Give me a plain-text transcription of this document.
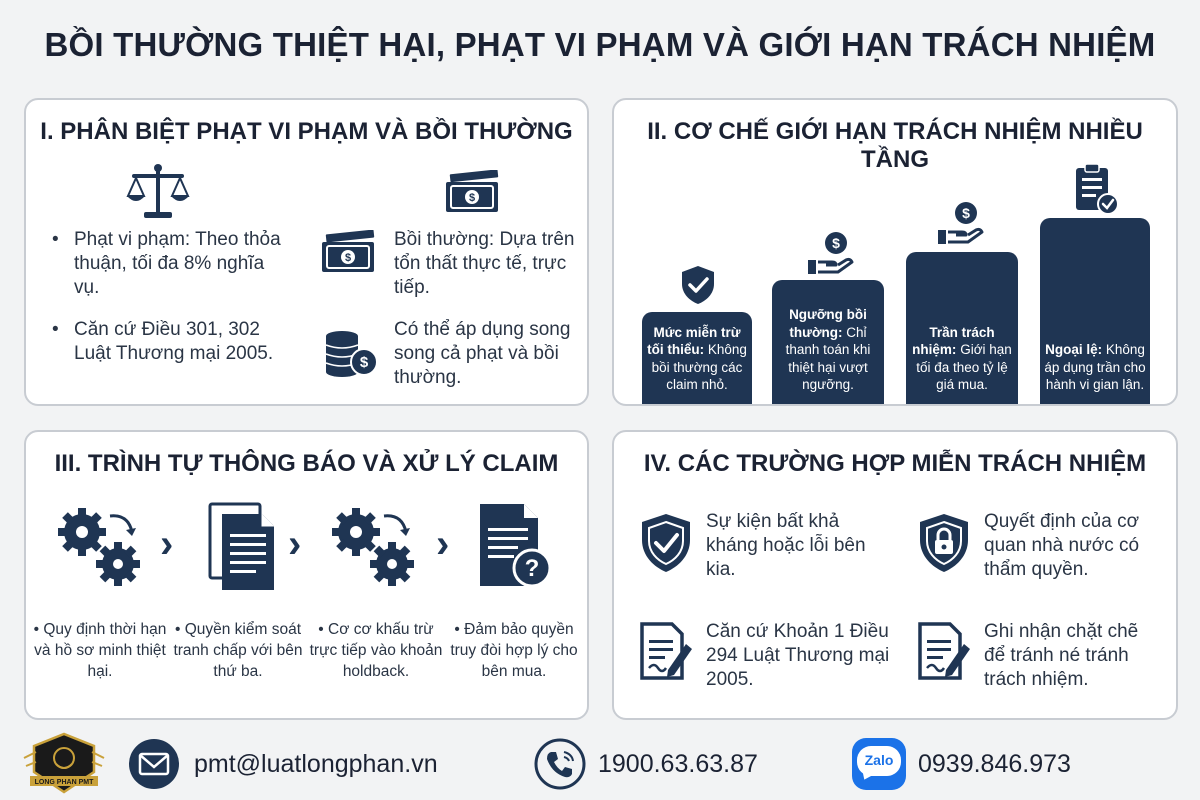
BỒI THƯỜNG THIỆT HẠI, PHẠT VI PHẠM VÀ GIỚI HẠN TRÁCH NHIỆM
I. PHÂN BIỆT PHẠT VI PHẠM VÀ BỒI THƯỜNG
• Phạt vi phạm: Theo thỏa thuận, tối đa 8% nghĩa vụ.
• Căn cứ Điều 301, 302 Luật Thương mại 2005.
$
$
$
Bồi thường: Dựa trên tổn thất thực tế, trực tiếp.
Có thể áp dụng song song cả phạt và bồi thường.
II. CƠ CHẾ GIỚI HẠN TRÁCH NHIỆM NHIỀU TẦNG
Mức miễn trừ tối thiểu: Không bồi thường các claim nhỏ.
$
Ngưỡng bồi thường: Chỉ thanh toán khi thiệt hại vượt ngưỡng.
$
Trần trách nhiệm: Giới hạn tối đa theo tỷ lệ giá mua.
Ngoại lệ: Không áp dụng trần cho hành vi gian lận.
III. TRÌNH TỰ THÔNG BÁO VÀ XỬ LÝ CLAIM
›	›	›
?
• Quy định thời hạn và hồ sơ minh thiệt hại.
• Quyền kiểm soát tranh chấp với bên thứ ba.
• Cơ cơ khấu trừ trực tiếp vào khoản holdback.
• Đảm bảo quyền truy đòi hợp lý cho bên mua.
IV. CÁC TRƯỜNG HỢP MIỄN TRÁCH NHIỆM
Sự kiện bất khả kháng hoặc lỗi bên kia.
Quyết định của cơ quan nhà nước có thẩm quyền.
Căn cứ Khoản 1 Điều 294 Luật Thương mại 2005.
Ghi nhận chặt chẽ để tránh né tránh trách nhiệm.
LONG PHAN PMT
pmt@luatlongphan.vn	1900.63.63.87	Zalo 0939.846.973
